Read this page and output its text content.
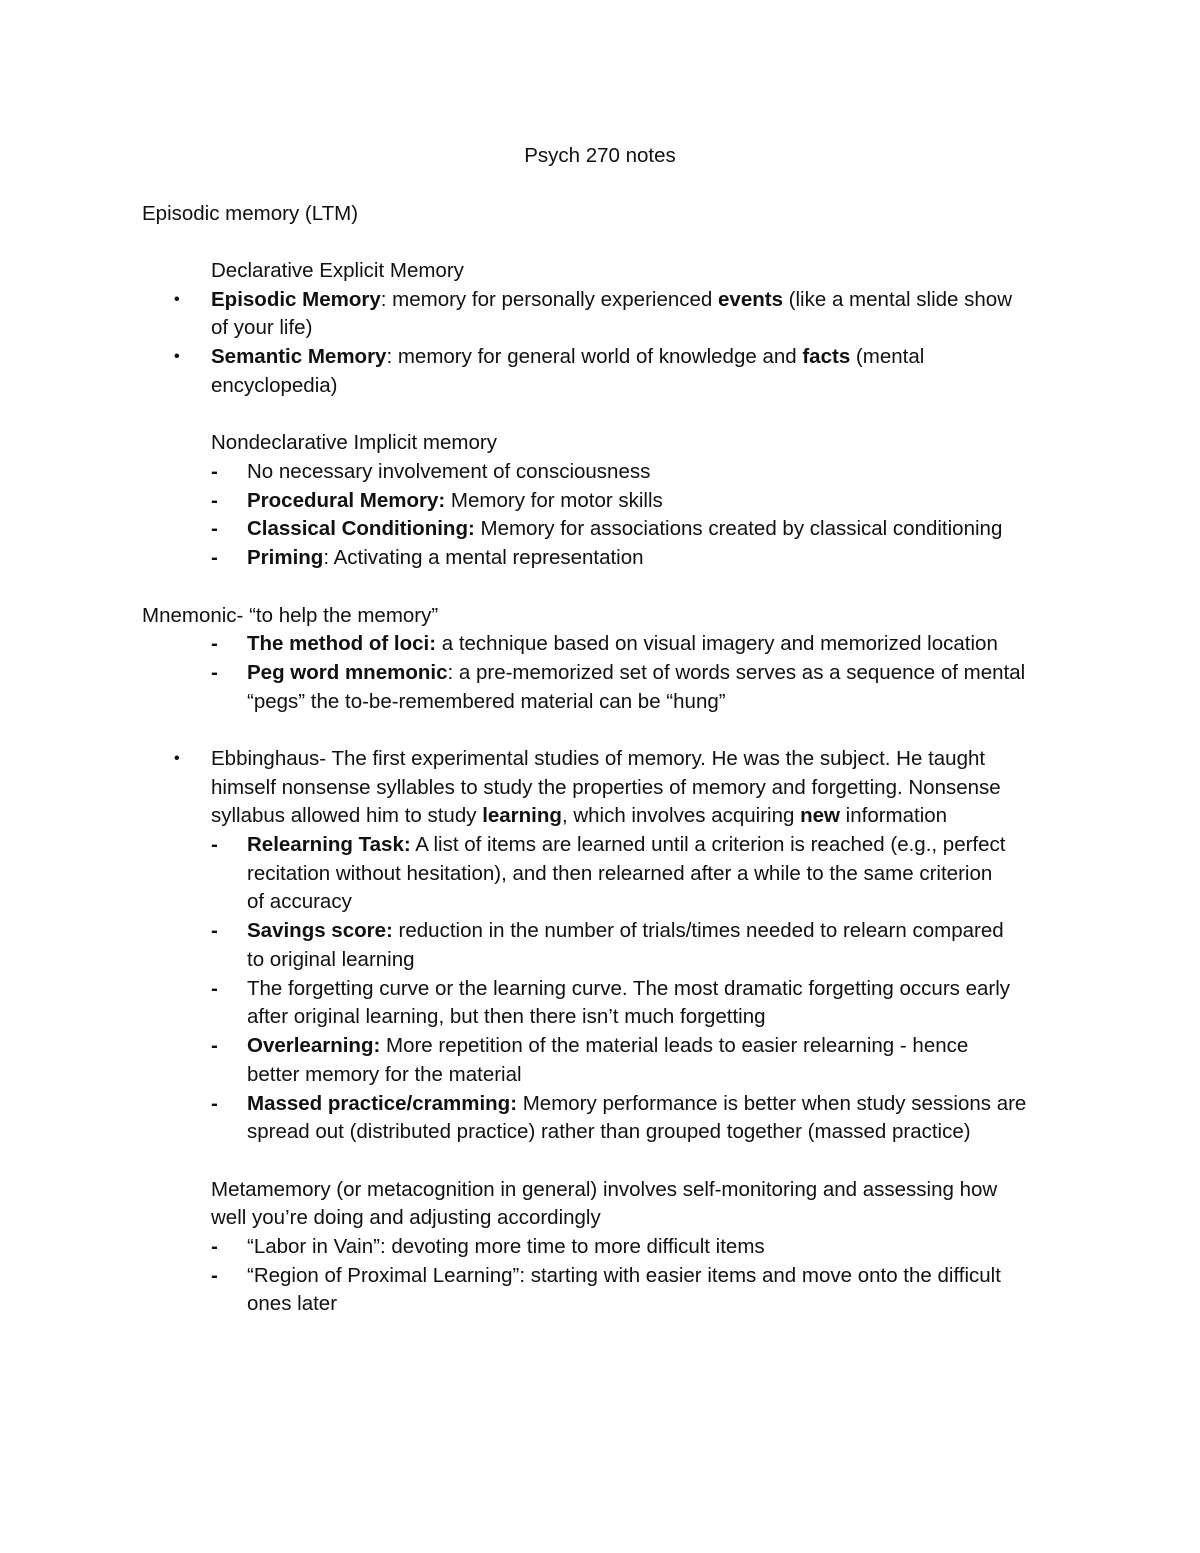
Psych 270 notes
Episodic memory (LTM)
Declarative Explicit Memory
• Episodic Memory: memory for personally experienced events (like a mental slide show
of your life)
• Semantic Memory: memory for general world of knowledge and facts (mental
encyclopedia)
Nondeclarative Implicit memory
- No necessary involvement of consciousness
- Procedural Memory: Memory for motor skills
- Classical Conditioning: Memory for associations created by classical conditioning
- Priming: Activating a mental representation
Mnemonic- “to help the memory”
- The method of loci: a technique based on visual imagery and memorized location
- Peg word mnemonic: a pre-memorized set of words serves as a sequence of mental
“pegs” the to-be-remembered material can be “hung”
• Ebbinghaus- The first experimental studies of memory. He was the subject. He taught
himself nonsense syllables to study the properties of memory and forgetting. Nonsense
syllabus allowed him to study learning, which involves acquiring new information
- Relearning Task: A list of items are learned until a criterion is reached (e.g., perfect
recitation without hesitation), and then relearned after a while to the same criterion
of accuracy
- Savings score: reduction in the number of trials/times needed to relearn compared
to original learning
- The forgetting curve or the learning curve. The most dramatic forgetting occurs early
after original learning, but then there isn’t much forgetting
- Overlearning: More repetition of the material leads to easier relearning - hence
better memory for the material
- Massed practice/cramming: Memory performance is better when study sessions are
spread out (distributed practice) rather than grouped together (massed practice)
Metamemory (or metacognition in general) involves self-monitoring and assessing how
well you’re doing and adjusting accordingly
- “Labor in Vain”: devoting more time to more difficult items
- “Region of Proximal Learning”: starting with easier items and move onto the difficult
ones later
